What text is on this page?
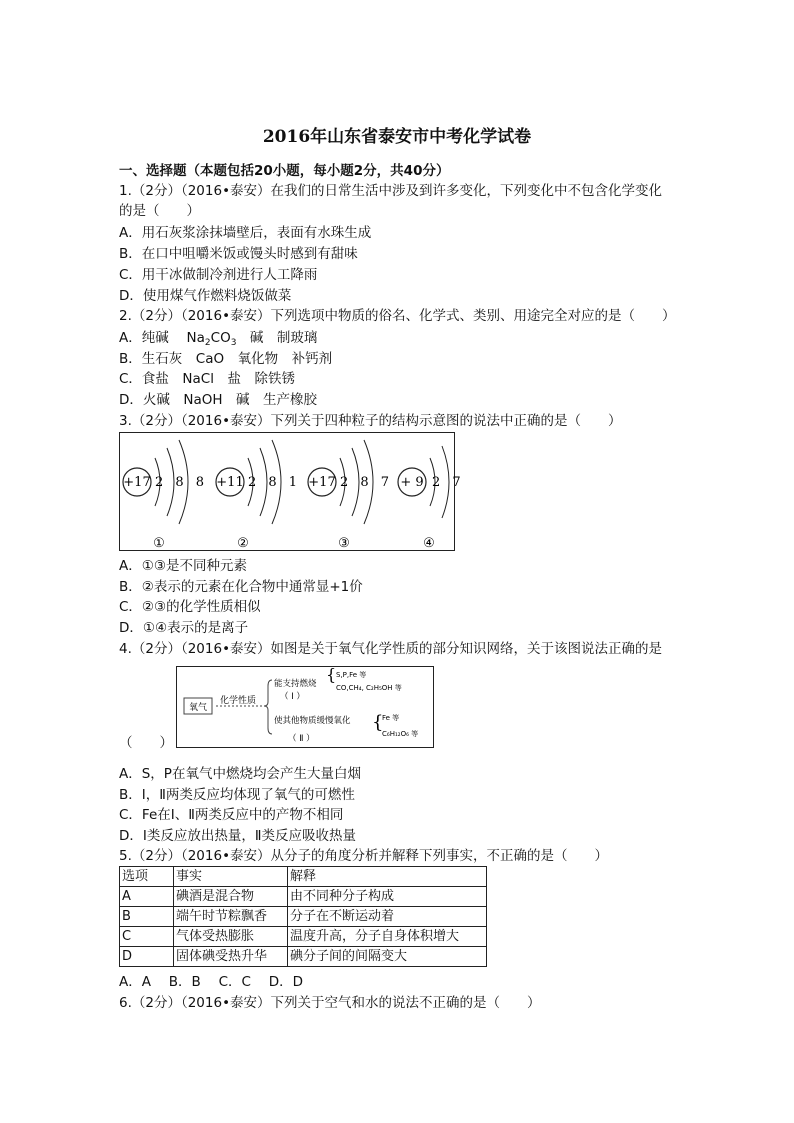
2016年山东省泰安市中考化学试卷
一、选择题（本题包括20小题，每小题2分，共40分）
1.（2分）（2016•泰安）在我们的日常生活中涉及到许多变化，下列变化中不包含化学变化
的是（　　）
A．用石灰浆涂抹墙壁后，表面有水珠生成
B．在口中咀嚼米饭或馒头时感到有甜味
C．用干冰做制冷剂进行人工降雨
D．使用煤气作燃料烧饭做菜
2.（2分）（2016•泰安）下列选项中物质的俗名、化学式、类别、用途完全对应的是（　　）
A．纯碱　 $Na_2CO_3$　碱　制玻璃
B．生石灰　CaO　氧化物　补钙剂
C．食盐　NaCl　盐　除铁锈
D．火碱　NaOH　碱　生产橡胶
3.（2分）（2016•泰安）下列关于四种粒子的结构示意图的说法中正确的是（　　）
+17 2 8 8
①
+11 2 8 1
②
+17 2 8 7
③
+ 9 2 7
④
A．①③是不同种元素
B．②表示的元素在化合物中通常显+1价
C．②③的化学性质相似
D．①④表示的是离子
4.（2分）（2016•泰安）如图是关于氧气化学性质的部分知识网络，关于该图说法正确的是
氧气
化学性质
能支持燃烧
（ Ⅰ ）
{ S,P,Fe 等
CO,CH₄, C₂H₅OH 等
使其他物质缓慢氧化
（ Ⅱ ）
{
Fe 等
C₆H₁₂O₆ 等
（　　）
A．S，P在氧气中燃烧均会产生大量白烟
B．Ⅰ，Ⅱ两类反应均体现了氧气的可燃性
C．Fe在Ⅰ、Ⅱ两类反应中的产物不相同
D．Ⅰ类反应放出热量，Ⅱ类反应吸收热量
5.（2分）（2016•泰安）从分子的角度分析并解释下列事实，不正确的是（　　）
选项	事实	解释
A	碘酒是混合物	由不同种分子构成
B	端午时节粽飘香	分子在不断运动着
C	气体受热膨胀	温度升高，分子自身体积增大
D	固体碘受热升华	碘分子间的间隔变大
A．A　 B．B　 C．C　 D．D
6.（2分）（2016•泰安）下列关于空气和水的说法不正确的是（　　）
